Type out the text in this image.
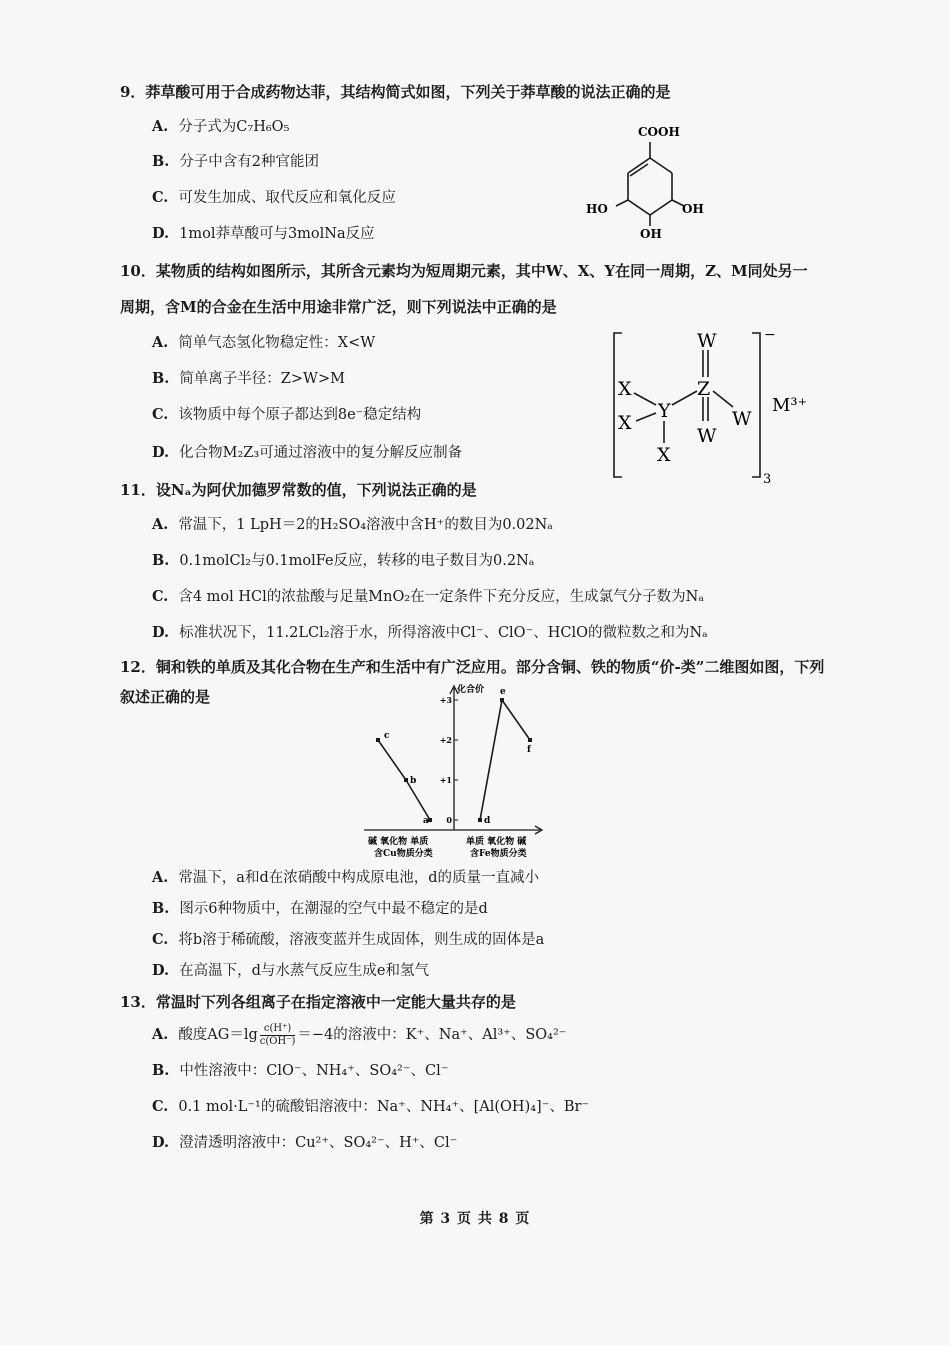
9．莽草酸可用于合成药物达菲，其结构简式如图，下列关于莽草酸的说法正确的是
A. 分子式为C₇H₆O₅
B. 分子中含有2种官能团
C. 可发生加成、取代反应和氧化反应
D. 1mol莽草酸可与3molNa反应
COOH
HO	OH
OH
10．某物质的结构如图所示，其所含元素均为短周期元素，其中W、X、Y在同一周期，Z、M同处另一
周期，含M的合金在生活中用途非常广泛，则下列说法中正确的是
A. 简单气态氢化物稳定性：X<W
B. 简单离子半径：Z>W>M
C. 该物质中每个原子都达到8e⁻稳定结构
D. 化合物M₂Z₃可通过溶液中的复分解反应制备
W
Z
W
Y	W
X
X
X
−
3
M³⁺
11．设Nₐ为阿伏加德罗常数的值，下列说法正确的是
A. 常温下，1 LpH＝2的H₂SO₄溶液中含H⁺的数目为0.02Nₐ
B. 0.1molCl₂与0.1molFe反应，转移的电子数目为0.2Nₐ
C. 含4 mol HCl的浓盐酸与足量MnO₂在一定条件下充分反应，生成氯气分子数为Nₐ
D. 标准状况下，11.2LCl₂溶于水，所得溶液中Cl⁻、ClO⁻、HClO的微粒数之和为Nₐ
12．铜和铁的单质及其化合物在生产和生活中有广泛应用。部分含铜、铁的物质“价-类”二维图如图，下列
叙述正确的是	化合价
0
+1
+2
+3
c
b
a	d
e
f
碱 氧化物 单质
含Cu物质分类
单质 氧化物 碱
含Fe物质分类
A. 常温下，a和d在浓硝酸中构成原电池，d的质量一直减小
B. 图示6种物质中，在潮湿的空气中最不稳定的是d
C. 将b溶于稀硫酸，溶液变蓝并生成固体，则生成的固体是a
D. 在高温下，d与水蒸气反应生成e和氢气
13．常温时下列各组离子在指定溶液中一定能大量共存的是
A. 酸度$AG=\lg \frac{c(H^+)}{c(OH^-)} =-4$的溶液中：K⁺、Na⁺、Al³⁺、SO₄²⁻
B. 中性溶液中：ClO⁻、NH₄⁺、SO₄²⁻、Cl⁻
C. 0.1 mol·L⁻¹的硫酸铝溶液中：Na⁺、NH₄⁺、[Al(OH)₄]⁻、Br⁻
D. 澄清透明溶液中：Cu²⁺、SO₄²⁻、H⁺、Cl⁻
第 3 页 共 8 页
